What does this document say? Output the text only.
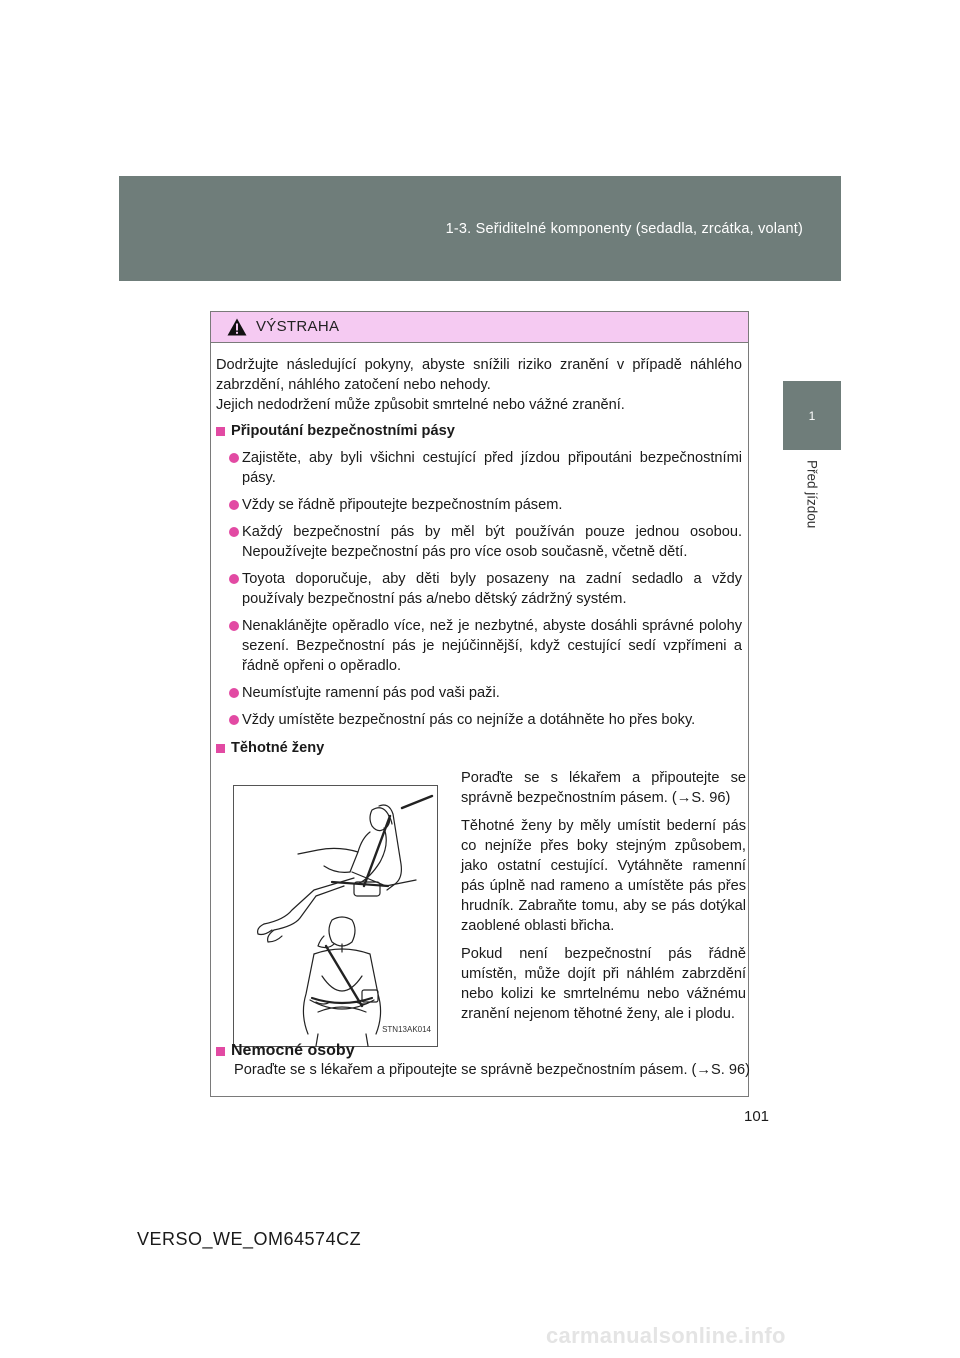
1-3. Seřiditelné komponenty (sedadla, zrcátka, volant)
1
Před jízdou
VÝSTRAHA

Dodržujte následující pokyny, abyste snížili riziko zranění v případě náhlého

zabrzdění, náhlého zatočení nebo nehody.

Jejich nedodržení může způsobit smrtelné nebo vážné zranění.

Připoutání bezpečnostními pásy
Zajistěte, aby byli všichni cestující před jízdou připoutáni bezpečnostními pásy.
Vždy se řádně připoutejte bezpečnostním pásem.
Každý bezpečnostní pás by měl být používán pouze jednou osobou. Nepoužívejte bezpečnostní pás pro více osob současně, včetně dětí.
Toyota doporučuje, aby děti byly posazeny na zadní sedadlo a vždy používaly bezpečnostní pás a/nebo dětský zádržný systém.
Nenaklánějte opěradlo více, než je nezbytné, abyste dosáhli správné polohy sezení. Bezpečnostní pás je nejúčinnější, když cestující sedí vzpřímeni a řádně opřeni o opěradlo.
Neumísťujte ramenní pás pod vaši paži.
Vždy umístěte bezpečnostní pás co nejníže a dotáhněte ho přes boky.
Těhotné ženy
STN13AK014

Poraďte se s lékařem a připoutejte se správně bezpečnostním pásem. (→S. 96)

Těhotné ženy by měly umístit bederní pás co nejníže přes boky stejným způsobem, jako ostatní cestující. Vytáhněte ramenní pás úplně nad rameno a umístěte pás přes hrudník. Zabraňte tomu, aby se pás dotýkal zaoblené oblasti břicha.

Pokud není bezpečnostní pás řádně umístěn, může dojít při náhlém zabrzdění nebo kolizi ke smrtelnému nebo vážnému zranění nejenom těhotné ženy, ale i plodu.

Nemocné osoby
Poraďte se s lékařem a připoutejte se správně bezpečnostním pásem. (→S. 96)
101
VERSO_WE_OM64574CZ
carmanualsonline.info
